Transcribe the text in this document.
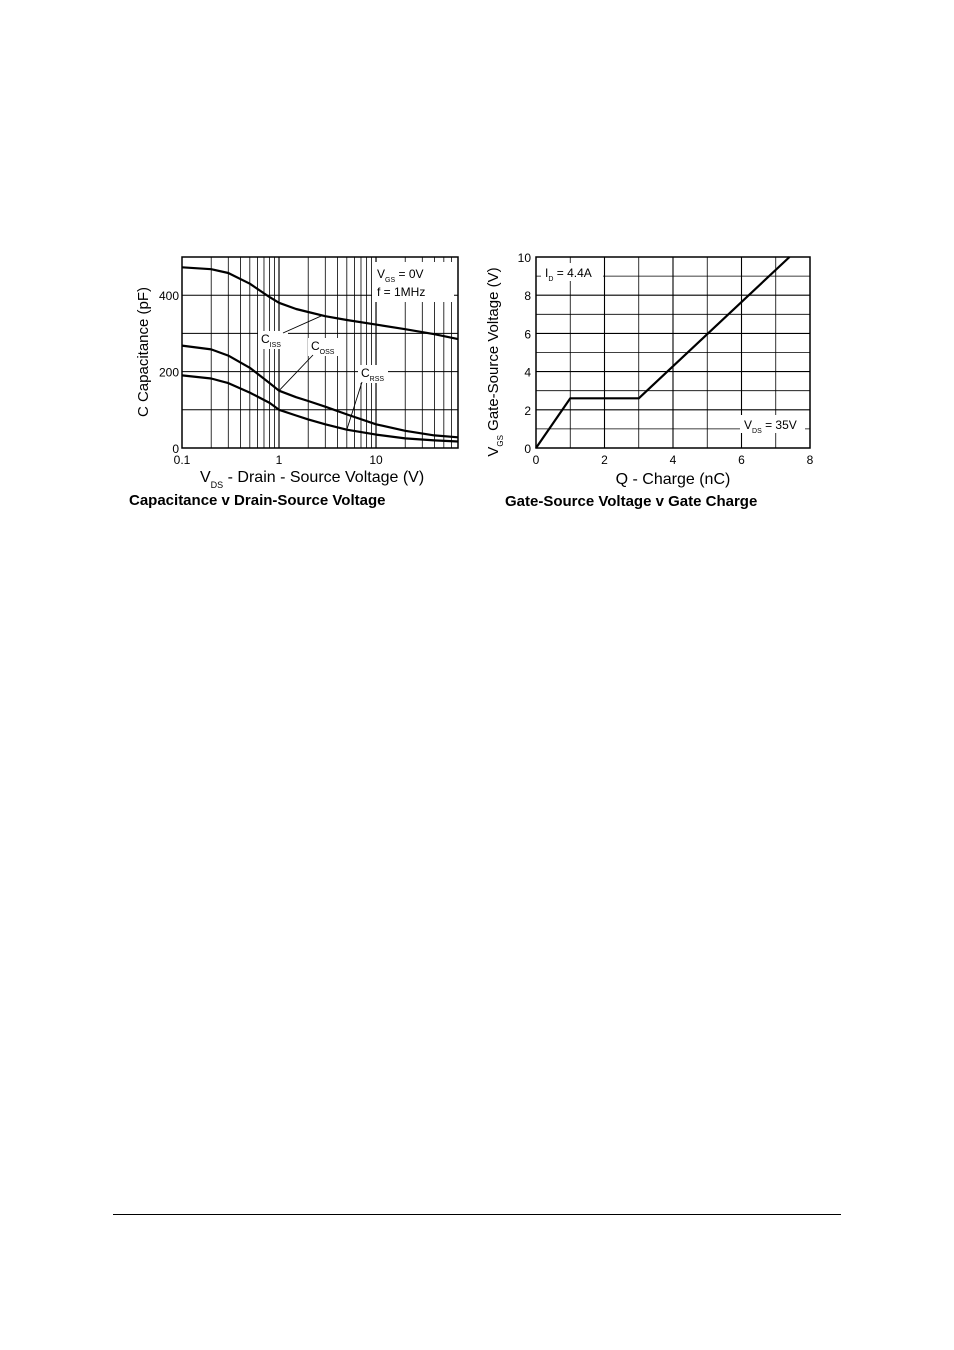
$V_{GS} = 0V$
f = 1MHz
$C_{ISS}$	$C_{OSS}$
$C_{RSS}$
0.1	1	10
0
200
400
$V_{DS}$ - Drain - Source Voltage (V)
C Capacitance (pF)
Capacitance v Drain-Source Voltage
$I_D = 4.4A$
$V_{DS} = 35V$
0	2	4	6	8
0
2
4
6
8
10
Q - Charge (nC)
$V_{GS}$ Gate-Source Voltage (V)
Gate-Source Voltage v Gate Charge
